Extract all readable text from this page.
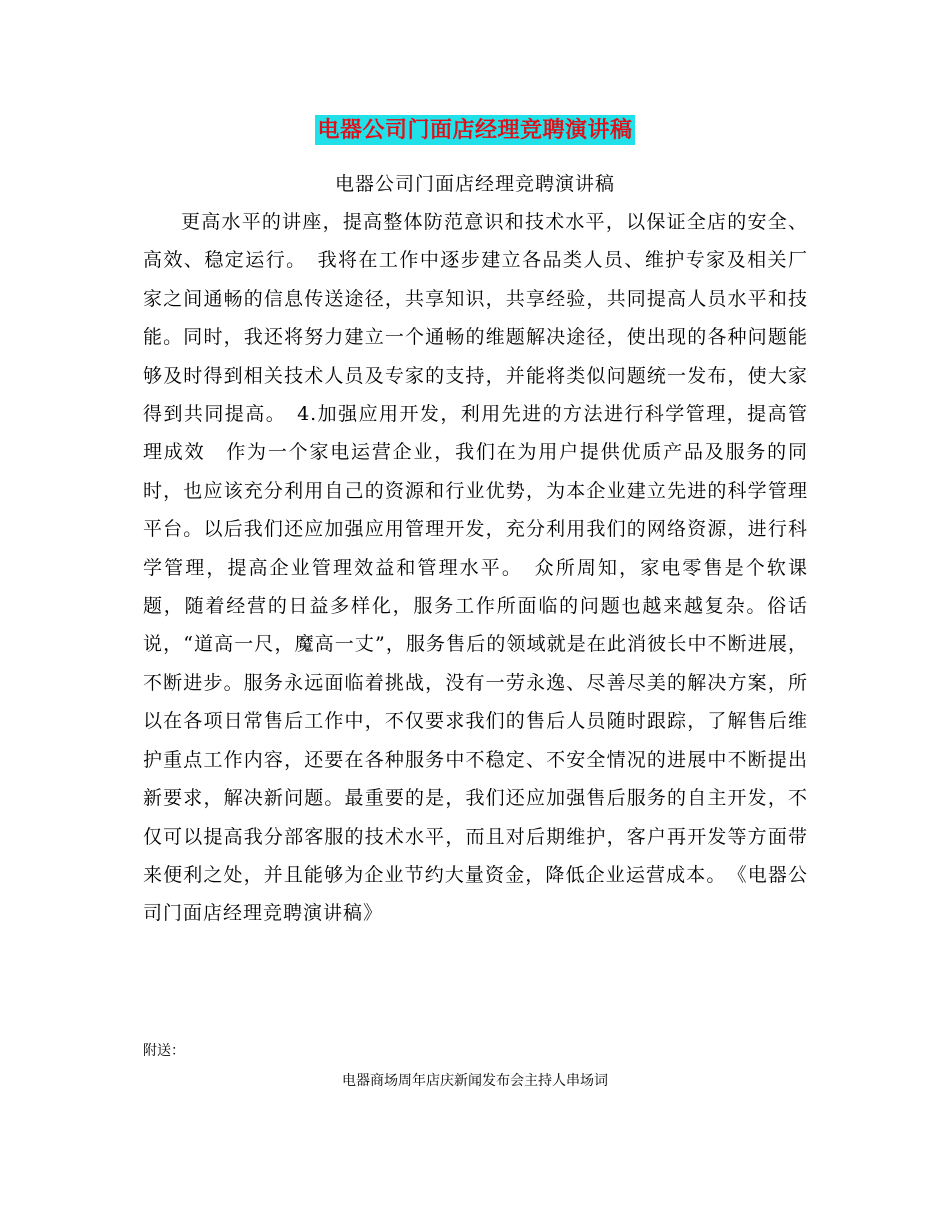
电器公司门面店经理竞聘演讲稿
电器公司门面店经理竞聘演讲稿

更高水平的讲座，提高整体防范意识和技术水平，以保证全店的安全、高效、稳定运行。　我将在工作中逐步建立各品类人员、维护专家及相关厂家之间通畅的信息传送途径，共享知识，共享经验，共同提高人员水平和技能。同时，我还将努力建立一个通畅的维题解决途径，使出现的各种问题能够及时得到相关技术人员及专家的支持，并能将类似问题统一发布，使大家得到共同提高。　4.加强应用开发，利用先进的方法进行科学管理，提高管理成效　作为一个家电运营企业，我们在为用户提供优质产品及服务的同时，也应该充分利用自己的资源和行业优势，为本企业建立先进的科学管理平台。以后我们还应加强应用管理开发，充分利用我们的网络资源，进行科学管理，提高企业管理效益和管理水平。　众所周知，家电零售是个软课题，随着经营的日益多样化，服务工作所面临的问题也越来越复杂。俗话说，“道高一尺，魔高一丈”，服务售后的领域就是在此消彼长中不断进展，不断进步。服务永远面临着挑战，没有一劳永逸、尽善尽美的解决方案，所以在各项日常售后工作中，不仅要求我们的售后人员随时跟踪，了解售后维护重点工作内容，还要在各种服务中不稳定、不安全情况的进展中不断提出新要求，解决新问题。最重要的是，我们还应加强售后服务的自主开发，不仅可以提高我分部客服的技术水平，而且对后期维护，客户再开发等方面带来便利之处，并且能够为企业节约大量资金，降低企业运营成本。　《电器公司门面店经理竞聘演讲稿》

附送：
电器商场周年店庆新闻发布会主持人串场词
